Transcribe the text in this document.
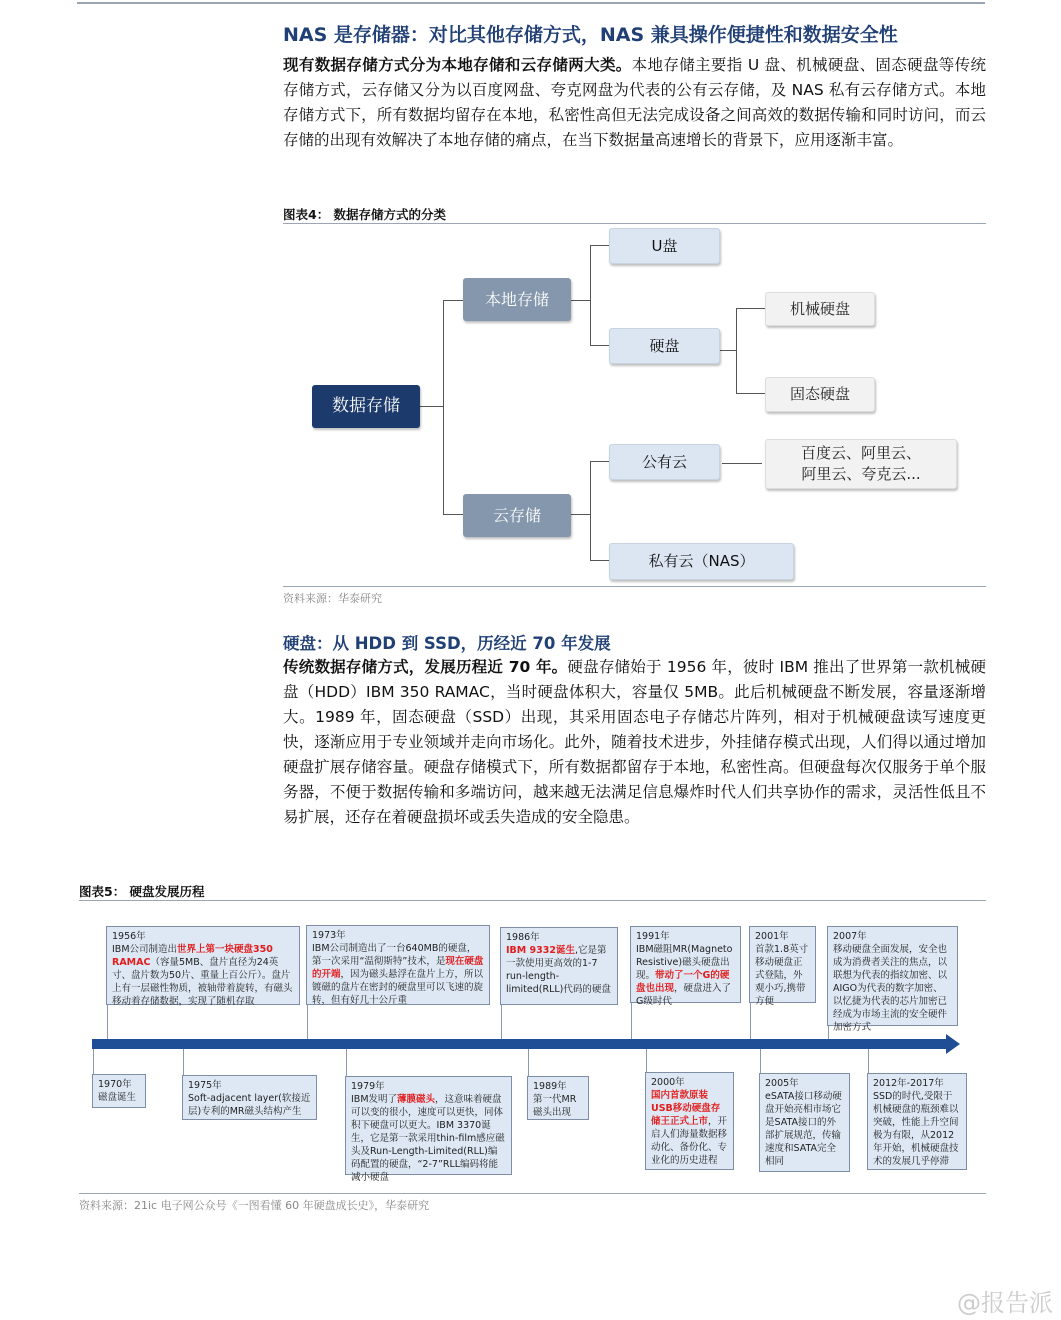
NAS 是存储器：对比其他存储方式，NAS 兼具操作便捷性和数据安全性
现有数据存储方式分为本地存储和云存储两大类。本地存储主要指 U 盘、机械硬盘、固态硬盘等传统存储方式，云存储又分为以百度网盘、夸克网盘为代表的公有云存储，及 NAS 私有云存储方式。本地存储方式下，所有数据均留存在本地，私密性高但无法完成设备之间高效的数据传输和同时访问，而云存储的出现有效解决了本地存储的痛点，在当下数据量高速增长的背景下，应用逐渐丰富。
图表4： 数据存储方式的分类
数据存储
本地存储
云存储
U盘
硬盘
机械硬盘
固态硬盘
公有云	百度云、阿里云、
阿里云、夸克云...
私有云（NAS）
资料来源：华泰研究
硬盘：从 HDD 到 SSD，历经近 70 年发展
传统数据存储方式，发展历程近 70 年。硬盘存储始于 1956 年，彼时 IBM 推出了世界第一款机械硬盘（HDD）IBM 350 RAMAC，当时硬盘体积大，容量仅 5MB。此后机械硬盘不断发展，容量逐渐增大。1989 年，固态硬盘（SSD）出现，其采用固态电子存储芯片阵列，相对于机械硬盘读写速度更快，逐渐应用于专业领域并走向市场化。此外，随着技术进步，外挂储存模式出现，人们得以通过增加硬盘扩展存储容量。硬盘存储模式下，所有数据都留存于本地，私密性高。但硬盘每次仅服务于单个服务器，不便于数据传输和多端访问，越来越无法满足信息爆炸时代人们共享协作的需求，灵活性低且不易扩展，还存在着硬盘损坏或丢失造成的安全隐患。
图表5： 硬盘发展历程
1956年
IBM公司制造出世界上第一块硬盘350 RAMAC（容量5MB、盘片直径为24英寸、盘片数为50片、重量上百公斤）。盘片上有一层磁性物质，被轴带着旋转，有磁头移动着存储数据，实现了随机存取
1973年
IBM公司制造出了一台640MB的硬盘，第一次采用“温彻斯特”技术，是现在硬盘的开端，因为磁头悬浮在盘片上方，所以镀磁的盘片在密封的硬盘里可以飞速的旋转，但有好几十公斤重
1986年
IBM 9332诞生,它是第一款使用更高效的1-7 run-length-limited(RLL)代码的硬盘
1991年
IBM磁阻MR(Magneto Resistive)磁头硬盘出现。带动了一个G的硬盘也出现，硬盘进入了G级时代
2001年
首款1.8英寸移动硬盘正式登陆，外观小巧,携带方便
2007年
移动硬盘全面发展，安全也成为消费者关注的焦点，以联想为代表的指纹加密、以 AIGO为代表的数字加密、以忆捷为代表的芯片加密已经成为市场主流的安全硬件加密方式
1970年
磁盘诞生
1975年
Soft-adjacent layer(软接近层)专利的MR磁头结构产生
1979年
IBM发明了薄膜磁头，这意味着硬盘可以变的很小，速度可以更快，同体积下硬盘可以更大。IBM 3370诞生，它是第一款采用thin-film感应磁头及Run-Length-Limited(RLL)编码配置的硬盘，“2-7”RLL编码将能减小硬盘
1989年
第一代MR磁头出现
2000年
国内首款原装USB移动硬盘存储王正式上市，开启人们海量数据移动化、备份化、专业化的历史进程
2005年
eSATA接口移动硬盘开始亮相市场它是SATA接口的外部扩展规范，传输速度和SATA完全相同
2012年-2017年
SSD的时代,受限于机械硬盘的瓶颈难以突破，性能上升空间极为有限，从2012年开始，机械硬盘技术的发展几乎停滞
资料来源：21ic 电子网公众号《一图看懂 60 年硬盘成长史》，华泰研究
@报告派
